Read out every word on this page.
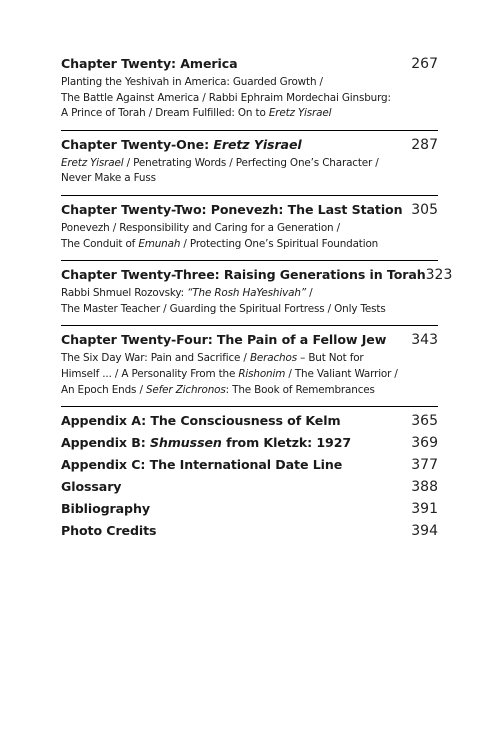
Chapter Twenty: America	267
Planting the Yeshivah in America: Guarded Growth /
The Battle Against America / Rabbi Ephraim Mordechai Ginsburg:
A Prince of Torah / Dream Fulfilled: On to Eretz Yisrael
Chapter Twenty-One: Eretz Yisrael	287
Eretz Yisrael / Penetrating Words / Perfecting One’s Character /
Never Make a Fuss
Chapter Twenty-Two: Ponevezh: The Last Station 305
Ponevezh / Responsibility and Caring for a Generation /
The Conduit of Emunah / Protecting One’s Spiritual Foundation
Chapter Twenty-Three: Raising Generations in Torah 323
Rabbi Shmuel Rozovsky: “The Rosh HaYeshivah” /
The Master Teacher / Guarding the Spiritual Fortress / Only Tests
Chapter Twenty-Four: The Pain of a Fellow Jew 343
The Six Day War: Pain and Sacrifice / Berachos – But Not for
Himself ... / A Personality From the Rishonim / The Valiant Warrior /
An Epoch Ends / Sefer Zichronos: The Book of Remembrances
Appendix A: The Consciousness of Kelm	365
Appendix B: Shmussen from Kletzk: 1927	369
Appendix C: The International Date Line	377
Glossary	388
Bibliography	391
Photo Credits	394
